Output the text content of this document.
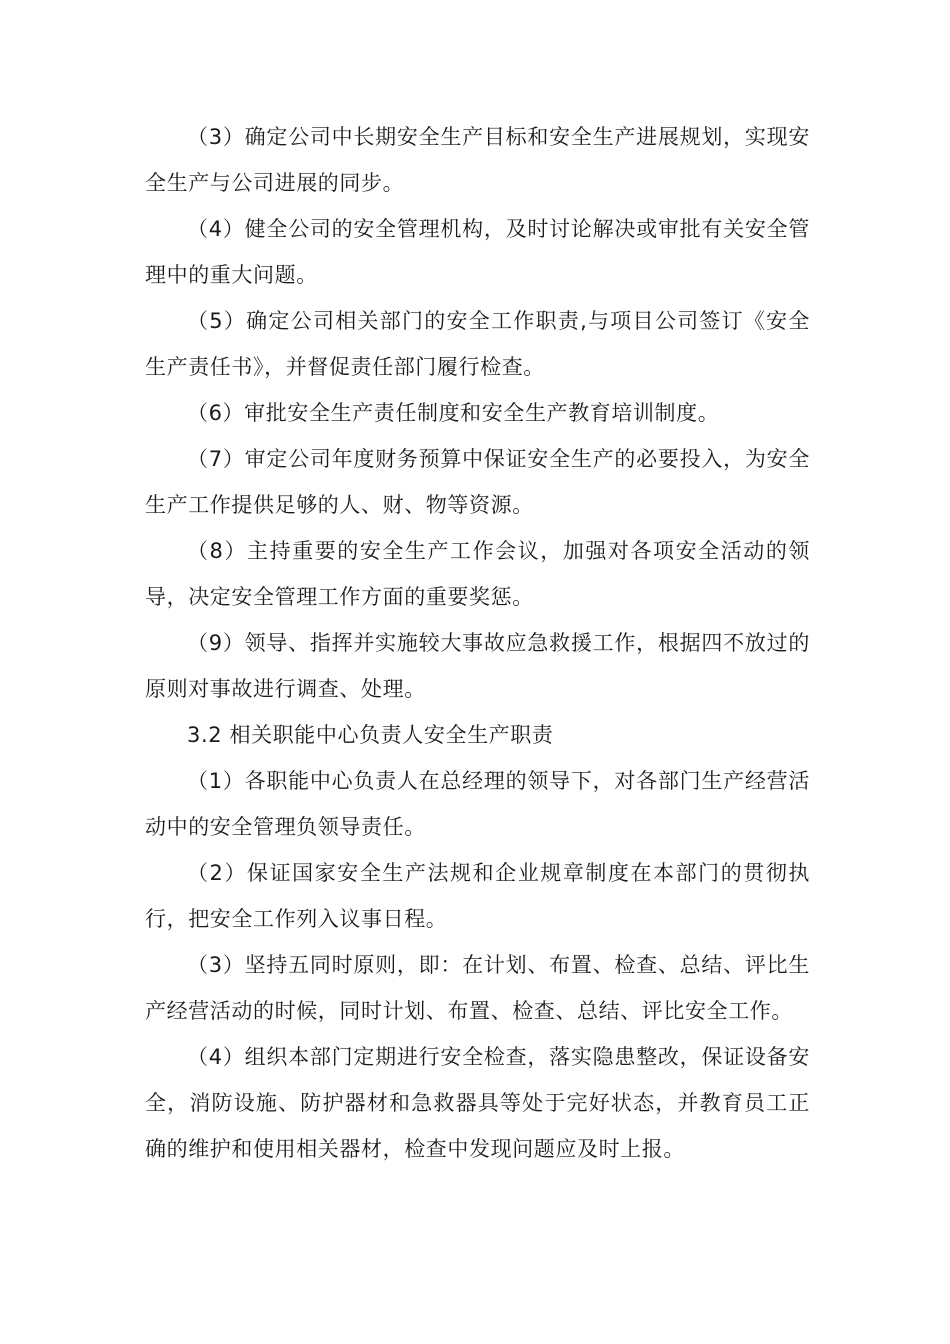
（3）确定公司中长期安全生产目标和安全生产进展规划，实现安全生产与公司进展的同步。

（4）健全公司的安全管理机构，及时讨论解决或审批有关安全管理中的重大问题。

（5）确定公司相关部门的安全工作职责,与项目公司签订《安全生产责任书》，并督促责任部门履行检查。

（6）审批安全生产责任制度和安全生产教育培训制度。

（7）审定公司年度财务预算中保证安全生产的必要投入，为安全生产工作提供足够的人、财、物等资源。

（8）主持重要的安全生产工作会议，加强对各项安全活动的领导，决定安全管理工作方面的重要奖惩。

（9）领导、指挥并实施较大事故应急救援工作，根据四不放过的原则对事故进行调查、处理。

3.2 相关职能中心负责人安全生产职责

（1）各职能中心负责人在总经理的领导下，对各部门生产经营活动中的安全管理负领导责任。

（2）保证国家安全生产法规和企业规章制度在本部门的贯彻执行，把安全工作列入议事日程。

（3）坚持五同时原则，即：在计划、布置、检查、总结、评比生产经营活动的时候，同时计划、布置、检查、总结、评比安全工作。

（4）组织本部门定期进行安全检查，落实隐患整改，保证设备安全，消防设施、防护器材和急救器具等处于完好状态，并教育员工正确的维护和使用相关器材，检查中发现问题应及时上报。
